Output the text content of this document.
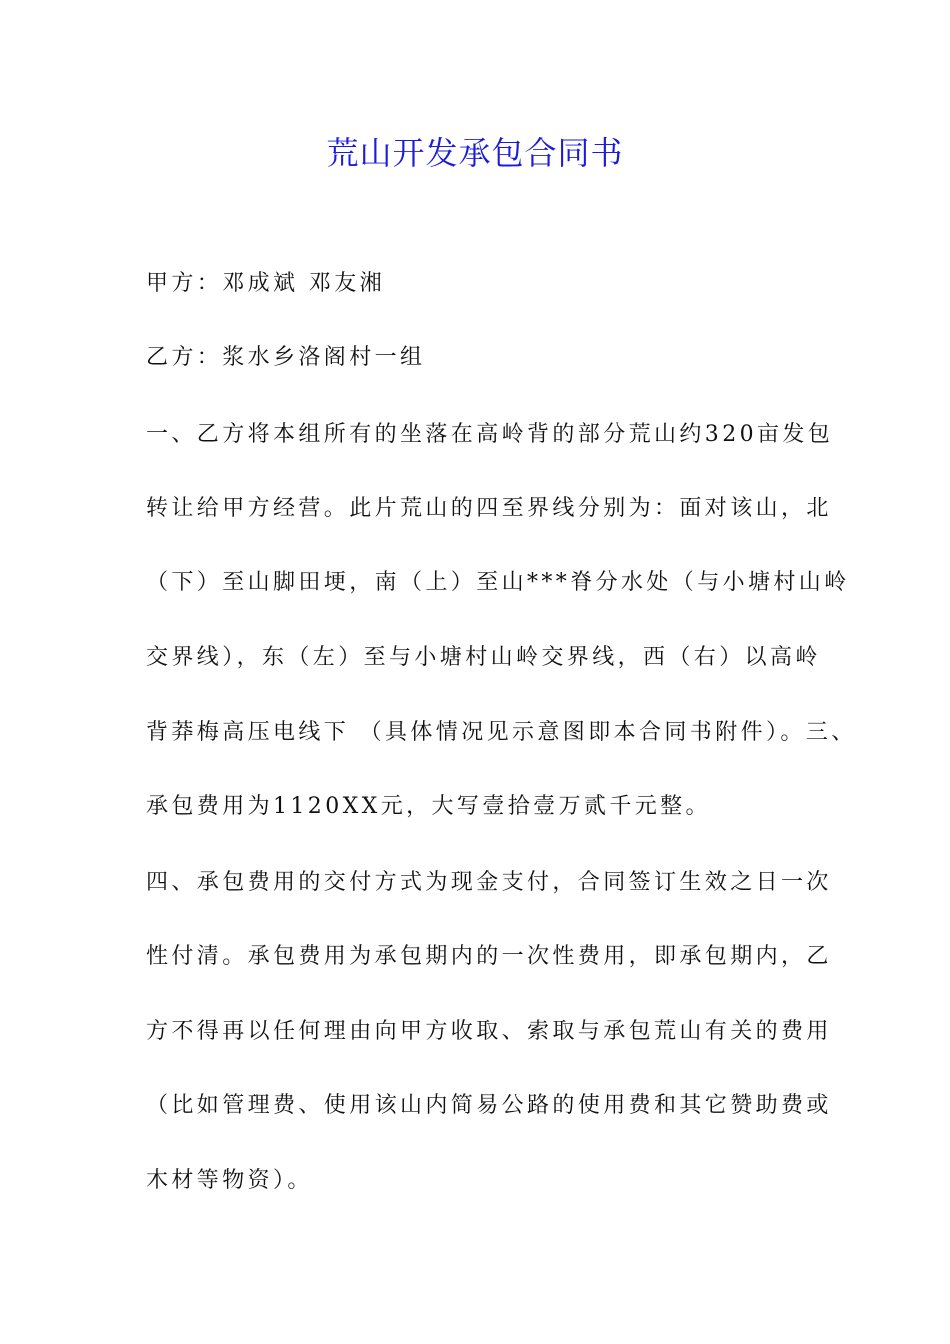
荒山开发承包合同书
甲方：邓成斌 邓友湘
乙方：浆水乡洛阁村一组
一、乙方将本组所有的坐落在高岭背的部分荒山约320亩发包
转让给甲方经营。此片荒山的四至界线分别为：面对该山，北
（下）至山脚田埂，南（上）至山***脊分水处（与小塘村山岭
交界线），东（左）至与小塘村山岭交界线，西（右）以高岭
背莽梅高压电线下 （具体情况见示意图即本合同书附件）。三、
承包费用为1120XX元，大写壹拾壹万贰千元整。
四、承包费用的交付方式为现金支付，合同签订生效之日一次
性付清。承包费用为承包期内的一次性费用，即承包期内，乙
方不得再以任何理由向甲方收取、索取与承包荒山有关的费用
（比如管理费、使用该山内简易公路的使用费和其它赞助费或
木材等物资）。
